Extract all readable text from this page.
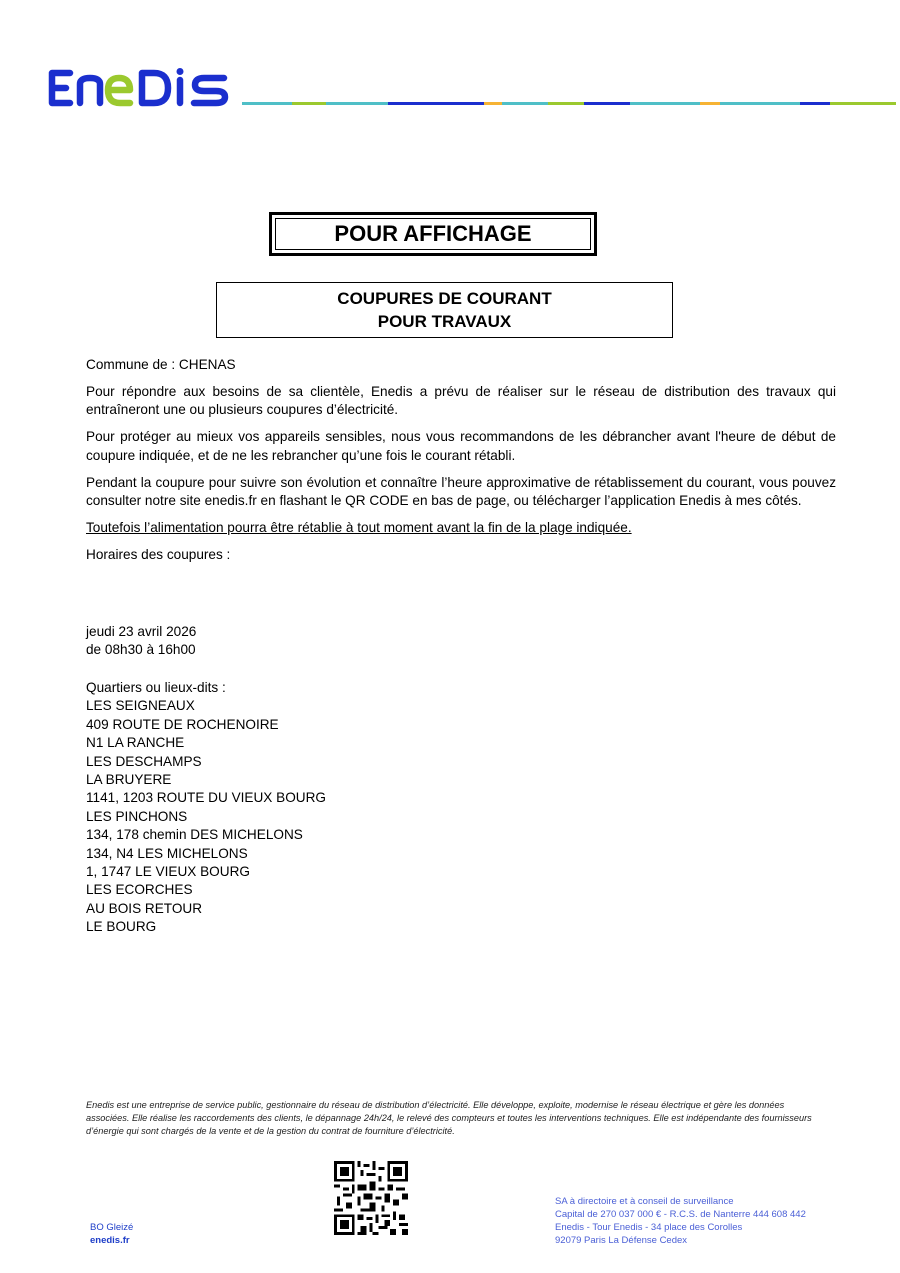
POUR AFFICHAGE
COUPURES DE COURANT
POUR TRAVAUX

Commune de : CHENAS

Pour répondre aux besoins de sa clientèle, Enedis a prévu de réaliser sur le réseau de distribution des travaux qui entraîneront une ou plusieurs coupures d’électricité.

Pour protéger au mieux vos appareils sensibles, nous vous recommandons de les débrancher avant l'heure de début de coupure indiquée, et de ne les rebrancher qu’une fois le courant rétabli.

Pendant la coupure pour suivre son évolution et connaître l’heure approximative de rétablissement du courant, vous pouvez consulter notre site enedis.fr en flashant le QR CODE en bas de page, ou télécharger l’application Enedis à mes côtés.

Toutefois l’alimentation pourra être rétablie à tout moment avant la fin de la plage indiquée.

Horaires des coupures :

jeudi 23 avril 2026
de 08h30 à 16h00
Quartiers ou lieux-dits :
LES SEIGNEAUX
409 ROUTE DE ROCHENOIRE
N1 LA RANCHE
LES DESCHAMPS
LA BRUYERE
1141, 1203 ROUTE DU VIEUX BOURG
LES PINCHONS
134, 178 chemin DES MICHELONS
134, N4 LES MICHELONS
1, 1747 LE VIEUX BOURG
LES ECORCHES
AU BOIS RETOUR
LE BOURG
Enedis est une entreprise de service public, gestionnaire du réseau de distribution d’électricité. Elle développe, exploite, modernise le réseau électrique et gère les données associées. Elle réalise les raccordements des clients, le dépannage 24h/24, le relevé des compteurs et toutes les interventions techniques. Elle est indépendante des fournisseurs d’énergie qui sont chargés de la vente et de la gestion du contrat de fourniture d’électricité.
BO Gleizé
enedis.fr
SA à directoire et à conseil de surveillance
Capital de 270 037 000 € - R.C.S. de Nanterre 444 608 442
Enedis - Tour Enedis - 34 place des Corolles
92079 Paris La Défense Cedex
